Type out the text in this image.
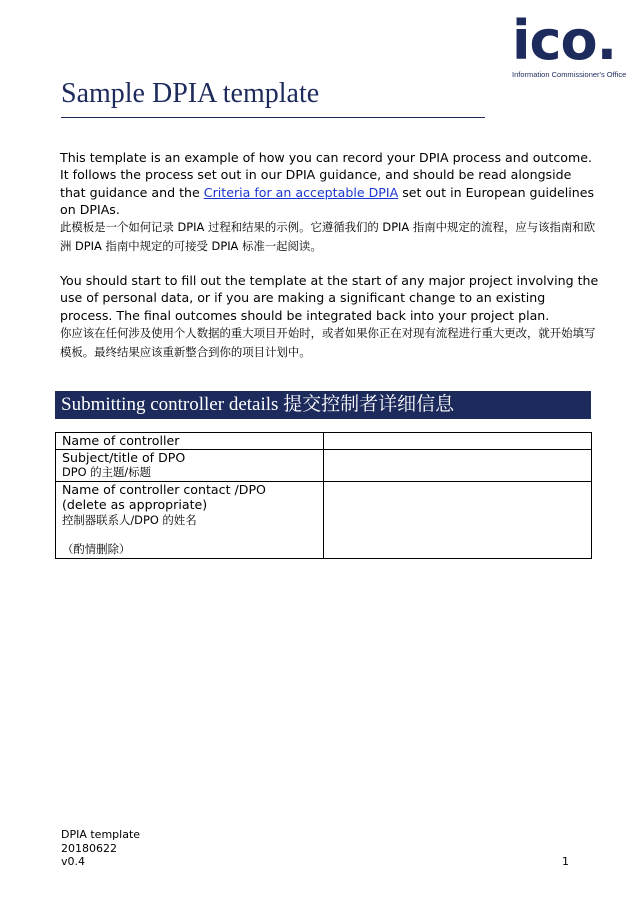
ico.
Information Commissioner's Office
Sample DPIA template

This template is an example of how you can record your DPIA process and outcome. It follows the process set out in our DPIA guidance, and should be read alongside that guidance and the Criteria for an acceptable DPIA set out in European guidelines on DPIAs.

此模板是一个如何记录 DPIA 过程和结果的示例。它遵循我们的 DPIA 指南中规定的流程，应与该指南和欧洲 DPIA 指南中规定的可接受 DPIA 标准一起阅读。

You should start to fill out the template at the start of any major project involving the use of personal data, or if you are making a significant change to an existing process. The final outcomes should be integrated back into your project plan.

你应该在任何涉及使用个人数据的重大项目开始时，或者如果你正在对现有流程进行重大更改，就开始填写模板。最终结果应该重新整合到你的项目计划中。

Submitting controller details 提交控制者详细信息
Name of controller	

Subject/title of DPO
DPO 的主题/标题	

Name of controller contact /DPO
(delete as appropriate)
控制器联系人/DPO 的姓名
（酌情删除）	

DPIA template
20180622
v0.4	1
